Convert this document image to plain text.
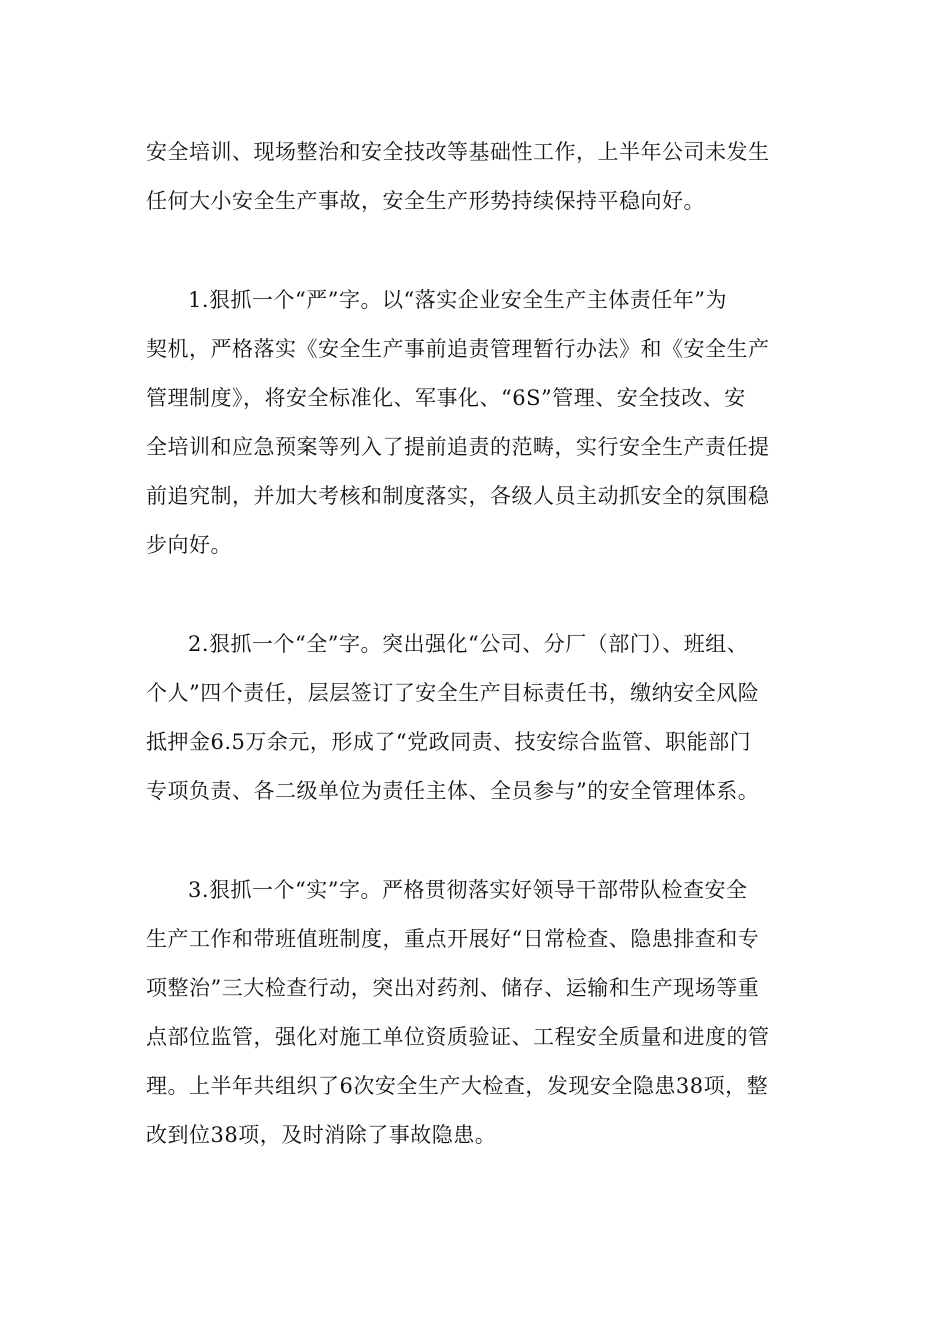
安全培训、现场整治和安全技改等基础性工作，上半年公司未发生
任何大小安全生产事故，安全生产形势持续保持平稳向好。
1.狠抓一个“严”字。以“落实企业安全生产主体责任年”为
契机，严格落实《安全生产事前追责管理暂行办法》和《安全生产
管理制度》，将安全标准化、军事化、“6S”管理、安全技改、安
全培训和应急预案等列入了提前追责的范畴，实行安全生产责任提
前追究制，并加大考核和制度落实，各级人员主动抓安全的氛围稳
步向好。
2.狠抓一个“全”字。突出强化“公司、分厂（部门）、班组、
个人”四个责任，层层签订了安全生产目标责任书，缴纳安全风险
抵押金6.5万余元，形成了“党政同责、技安综合监管、职能部门
专项负责、各二级单位为责任主体、全员参与”的安全管理体系。
3.狠抓一个“实”字。严格贯彻落实好领导干部带队检查安全
生产工作和带班值班制度，重点开展好“日常检查、隐患排查和专
项整治”三大检查行动，突出对药剂、储存、运输和生产现场等重
点部位监管，强化对施工单位资质验证、工程安全质量和进度的管
理。上半年共组织了6次安全生产大检查，发现安全隐患38项，整
改到位38项，及时消除了事故隐患。
